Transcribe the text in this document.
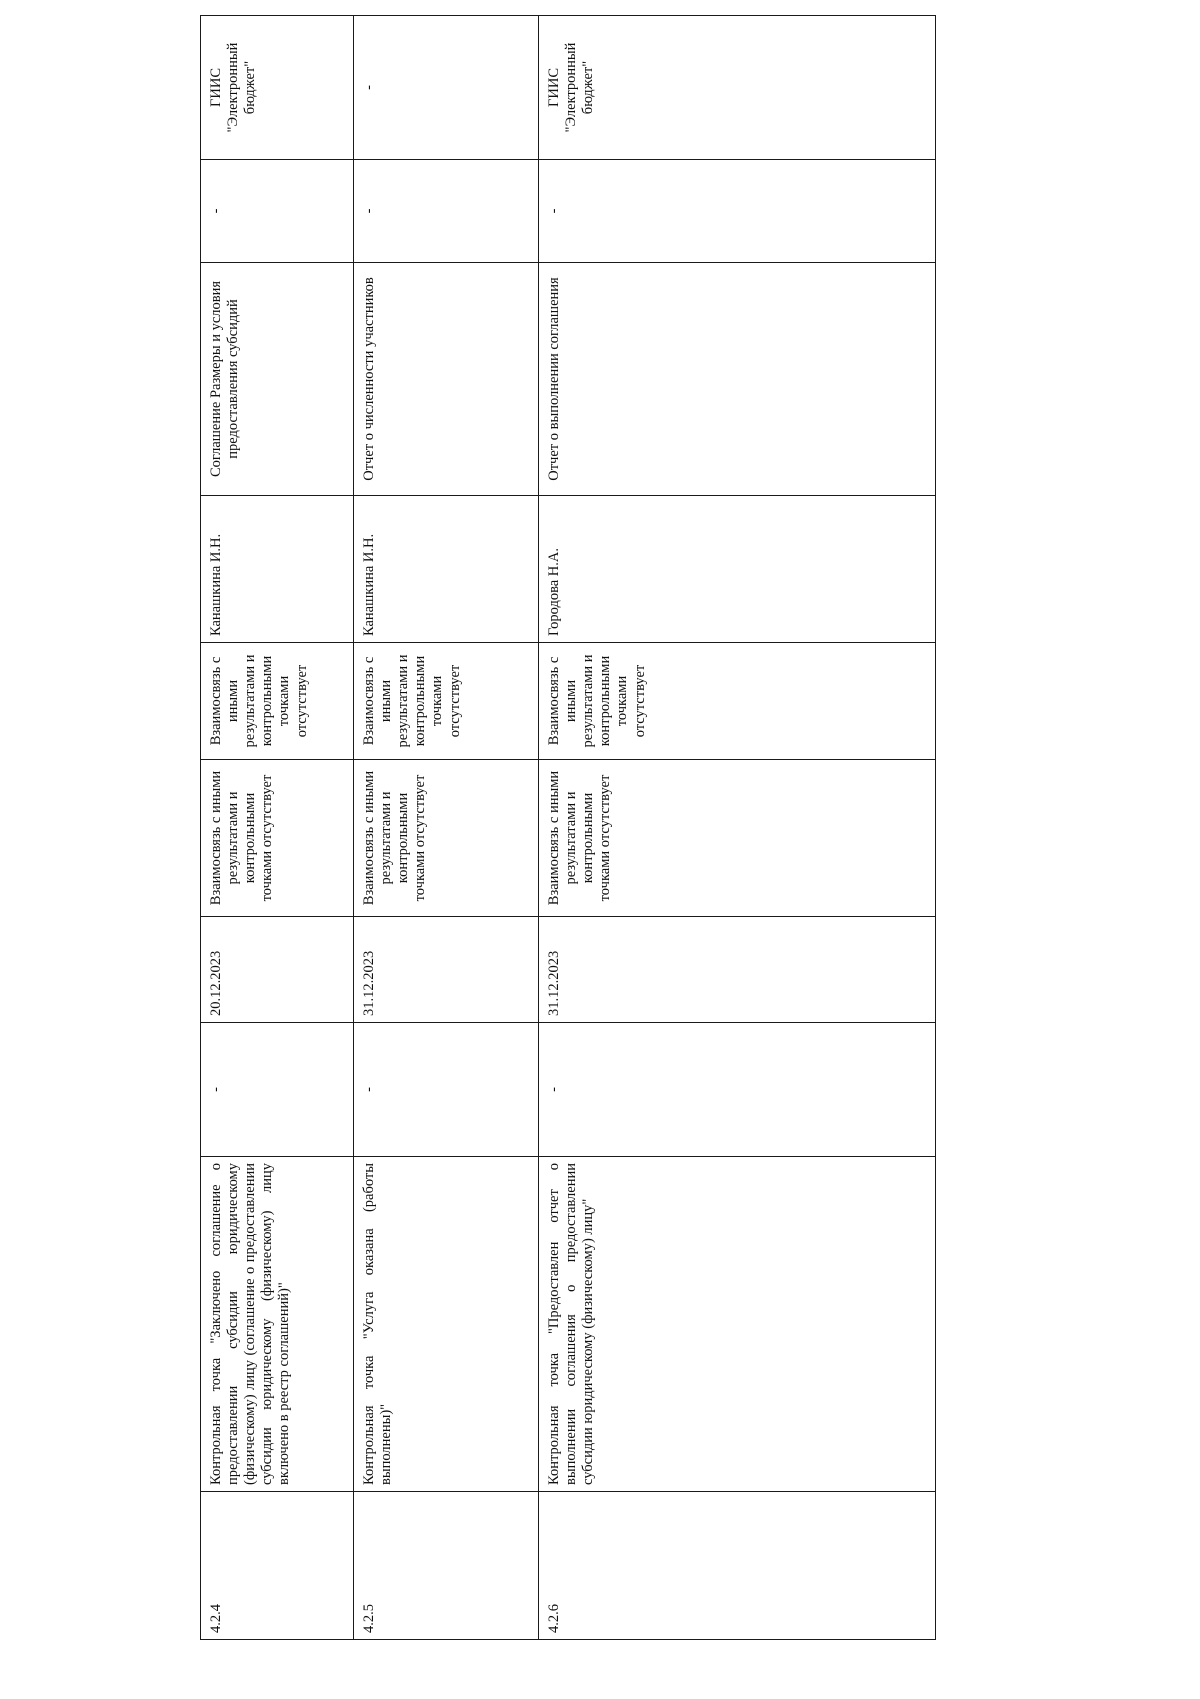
4.2.4	Контрольная точка "Заключено соглашение о предоставлении субсидии юридическому (физическому) лицу (соглашение о предоставлении субсидии юридическому (физическому) лицу включено в реестр соглашений)"	-	20.12.2023	Взаимосвязь с иными результатами и контрольными точками отсутствует	Взаимосвязь с иными результатами и контрольными точками отсутствует	Канашкина И.Н.	Соглашение Размеры и условия предоставления субсидий	-	ГИИС "Электронный бюджет"
4.2.5	Контрольная точка "Услуга оказана (работы выполнены)"	-	31.12.2023	Взаимосвязь с иными результатами и контрольными точками отсутствует	Взаимосвязь с иными результатами и контрольными точками отсутствует	Канашкина И.Н.	Отчет о численности участников	-	-
4.2.6	Контрольная точка "Предоставлен отчет о выполнении соглашения о предоставлении субсидии юридическому (физическому) лицу"	-	31.12.2023	Взаимосвязь с иными результатами и контрольными точками отсутствует	Взаимосвязь с иными результатами и контрольными точками отсутствует	Городова Н.А.	Отчет о выполнении соглашения	-	ГИИС "Электронный бюджет"
